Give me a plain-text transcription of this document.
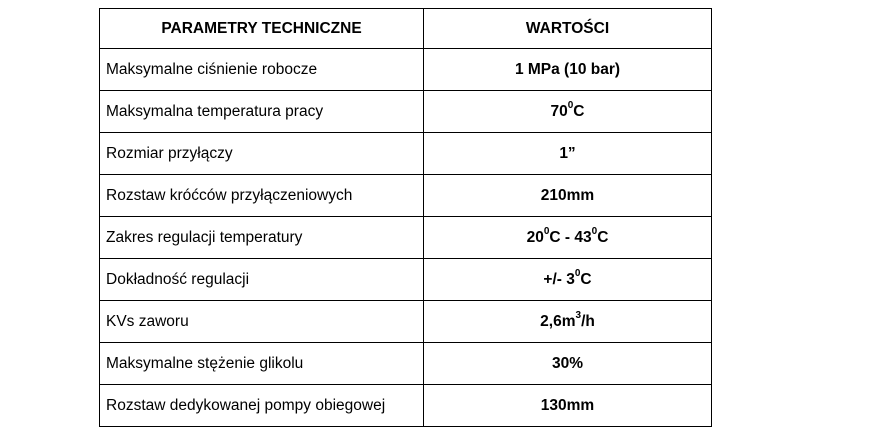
PARAMETRY TECHNICZNE	WARTOŚCI
Maksymalne ciśnienie robocze	1 MPa (10 bar)
Maksymalna temperatura pracy	$70^0C$
Rozmiar przyłączy	1”
Rozstaw króćców przyłączeniowych	210mm
Zakres regulacji temperatury	$20^0C - 43^0C$
Dokładność regulacji	+/- $3^0C$
KVs zaworu	$2,6m^3/h$
Maksymalne stężenie glikolu	30%
Rozstaw dedykowanej pompy obiegowej	130mm
